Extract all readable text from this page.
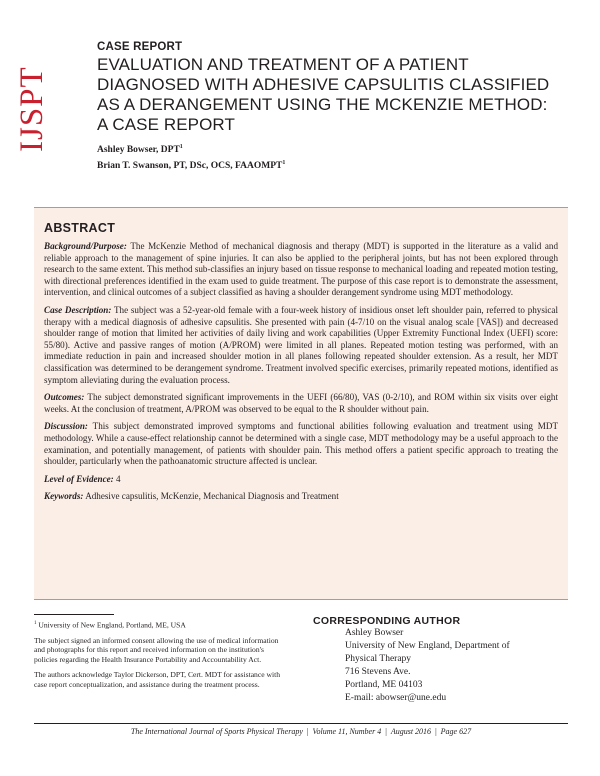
IJSPT
CASE REPORT
EVALUATION AND TREATMENT OF A PATIENT
DIAGNOSED WITH ADHESIVE CAPSULITIS CLASSIFIED
AS A DERANGEMENT USING THE MCKENZIE METHOD:
A CASE REPORT
Ashley Bowser, DPT$^1$
Brian T. Swanson, PT, DSc, OCS, FAAOMPT$^1$
ABSTRACT

Background/Purpose: The McKenzie Method of mechanical diagnosis and therapy (MDT) is supported in the literature as a valid and reliable approach to the management of spine injuries. It can also be applied to the peripheral joints, but has not been explored through research to the same extent. This method sub-classifies an injury based on tissue response to mechanical loading and repeated motion testing, with directional preferences identified in the exam used to guide treatment. The purpose of this case report is to demonstrate the assessment, intervention, and clinical outcomes of a subject classified as having a shoulder derangement syndrome using MDT methodology.

Case Description: The subject was a 52-year-old female with a four-week history of insidious onset left shoulder pain, referred to physical therapy with a medical diagnosis of adhesive capsulitis. She presented with pain (4-7/10 on the visual analog scale [VAS]) and decreased shoulder range of motion that limited her activities of daily living and work capabilities (Upper Extremity Functional Index (UEFI) score: 55/80). Active and passive ranges of motion (A/PROM) were limited in all planes. Repeated motion testing was performed, with an immediate reduction in pain and increased shoulder motion in all planes following repeated shoulder extension. As a result, her MDT classification was determined to be derangement syndrome. Treatment involved specific exercises, primarily repeated motions, identified as symptom alleviating during the evaluation process.

Outcomes: The subject demonstrated significant improvements in the UEFI (66/80), VAS (0-2/10), and ROM within six visits over eight weeks. At the conclusion of treatment, A/PROM was observed to be equal to the R shoulder without pain.

Discussion: This subject demonstrated improved symptoms and functional abilities following evaluation and treatment using MDT methodology. While a cause-effect relationship cannot be determined with a single case, MDT methodology may be a useful approach to the examination, and potentially management, of patients with shoulder pain. This method offers a patient specific approach to treating the shoulder, particularly when the pathoanatomic structure affected is unclear.

Level of Evidence: 4

Keywords: Adhesive capsulitis, McKenzie, Mechanical Diagnosis and Treatment

$^1$ University of New England, Portland, ME, USA

The subject signed an informed consent allowing the use of medical information and photographs for this report and received information on the institution's policies regarding the Health Insurance Portability and Accountability Act.

The authors acknowledge Taylor Dickerson, DPT, Cert. MDT for assistance with case report conceptualization, and assistance during the treatment process.

CORRESPONDING AUTHOR
Ashley Bowser
University of New England, Department of
Physical Therapy
716 Stevens Ave.
Portland, ME 04103
E-mail: abowser@une.edu
The International Journal of Sports Physical Therapy | Volume 11, Number 4 | August 2016 | Page 627
